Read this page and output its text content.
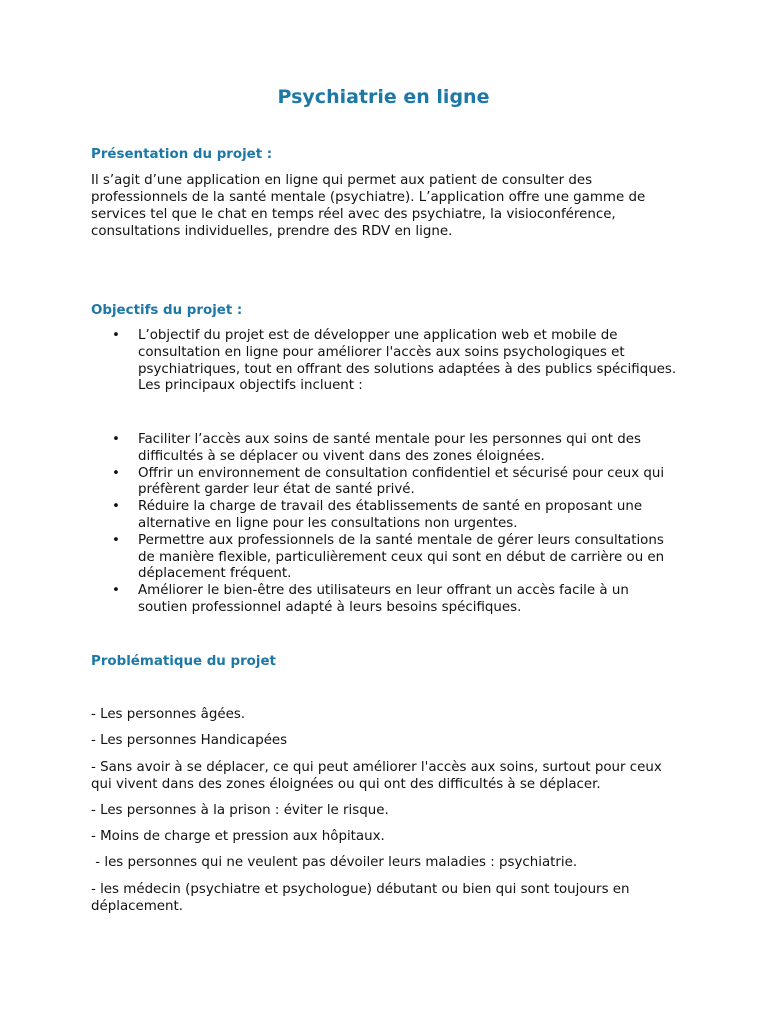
Psychiatrie en ligne
Présentation du projet :

Il s’agit d’une application en ligne qui permet aux patient de consulter des professionnels de la santé mentale (psychiatre). L’application offre une gamme de services tel que le chat en temps réel avec des psychiatre, la visioconférence, consultations individuelles, prendre des RDV en ligne.

Objectifs du projet :
• L’objectif du projet est de développer une application web et mobile de consultation en ligne pour améliorer l'accès aux soins psychologiques et psychiatriques, tout en offrant des solutions adaptées à des publics spécifiques. Les principaux objectifs incluent :
• Faciliter l’accès aux soins de santé mentale pour les personnes qui ont des difficultés à se déplacer ou vivent dans des zones éloignées.
• Offrir un environnement de consultation confidentiel et sécurisé pour ceux qui préfèrent garder leur état de santé privé.
• Réduire la charge de travail des établissements de santé en proposant une alternative en ligne pour les consultations non urgentes.
• Permettre aux professionnels de la santé mentale de gérer leurs consultations de manière flexible, particulièrement ceux qui sont en début de carrière ou en déplacement fréquent.
• Améliorer le bien-être des utilisateurs en leur offrant un accès facile à un soutien professionnel adapté à leurs besoins spécifiques.
Problématique du projet

- Les personnes âgées.

- Les personnes Handicapées

- Sans avoir à se déplacer, ce qui peut améliorer l'accès aux soins, surtout pour ceux qui vivent dans des zones éloignées ou qui ont des difficultés à se déplacer.

- Les personnes à la prison : éviter le risque.

- Moins de charge et pression aux hôpitaux.

- les personnes qui ne veulent pas dévoiler leurs maladies : psychiatrie.

- les médecin (psychiatre et psychologue) débutant ou bien qui sont toujours en déplacement.
